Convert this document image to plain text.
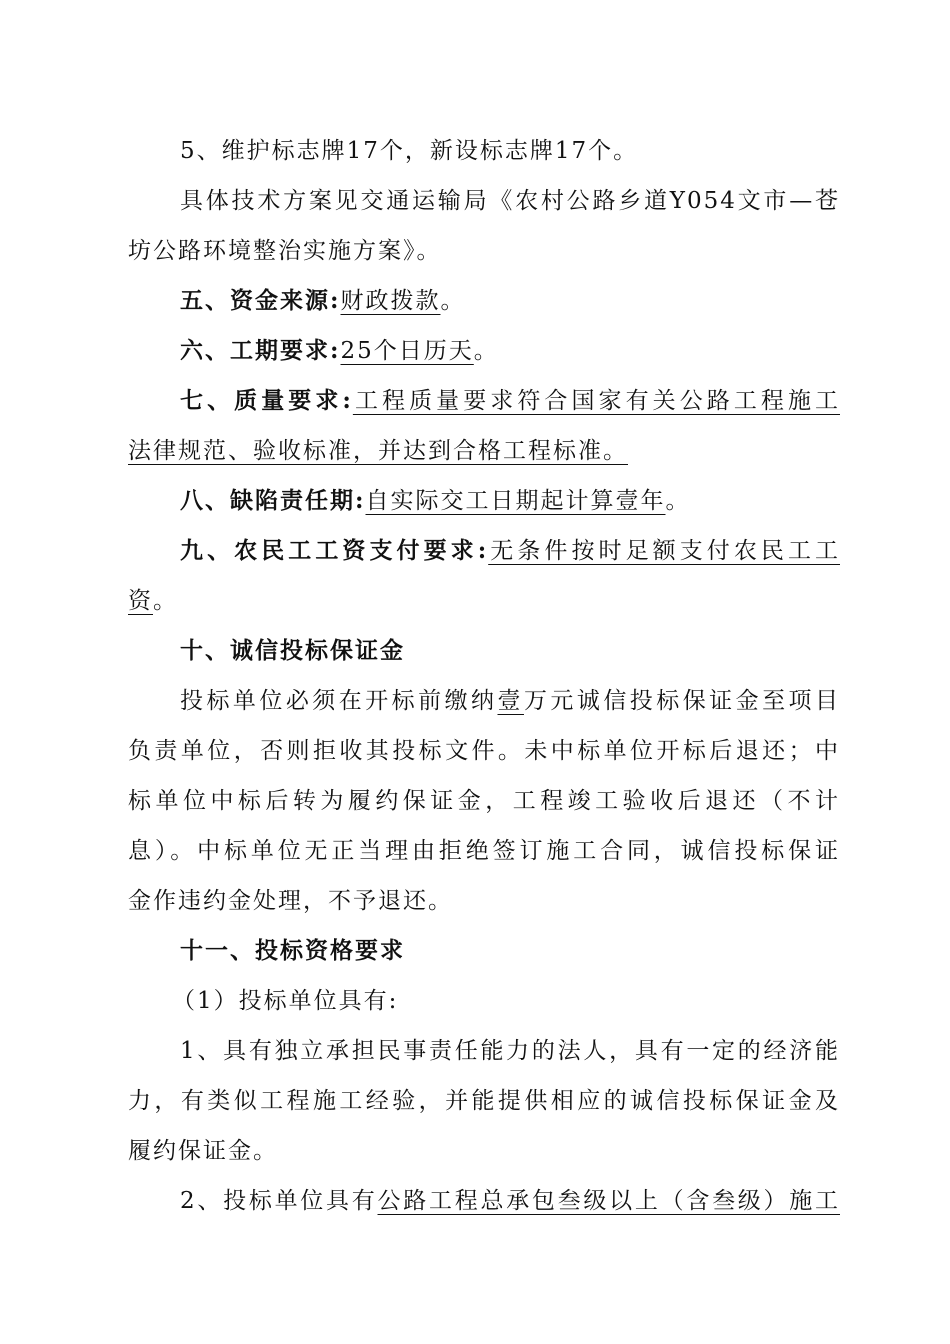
5、维护标志牌17个，新设标志牌17个。
具体技术方案见交通运输局《农村公路乡道Y054文市—苍
坊公路环境整治实施方案》。
五、资金来源:财政拨款。
六、工期要求:25个日历天。
七、质量要求:工程质量要求符合国家有关公路工程施工
法律规范、验收标准，并达到合格工程标准。
八、缺陷责任期:自实际交工日期起计算壹年。
九、农民工工资支付要求:无条件按时足额支付农民工工
资。
十、诚信投标保证金
投标单位必须在开标前缴纳壹万元诚信投标保证金至项目
负责单位，否则拒收其投标文件。未中标单位开标后退还；中
标单位中标后转为履约保证金，工程竣工验收后退还（不计
息）。中标单位无正当理由拒绝签订施工合同，诚信投标保证
金作违约金处理，不予退还。
十一、投标资格要求
（1）投标单位具有:
1、具有独立承担民事责任能力的法人，具有一定的经济能
力，有类似工程施工经验，并能提供相应的诚信投标保证金及
履约保证金。
2、投标单位具有公路工程总承包叁级以上（含叁级）施工
